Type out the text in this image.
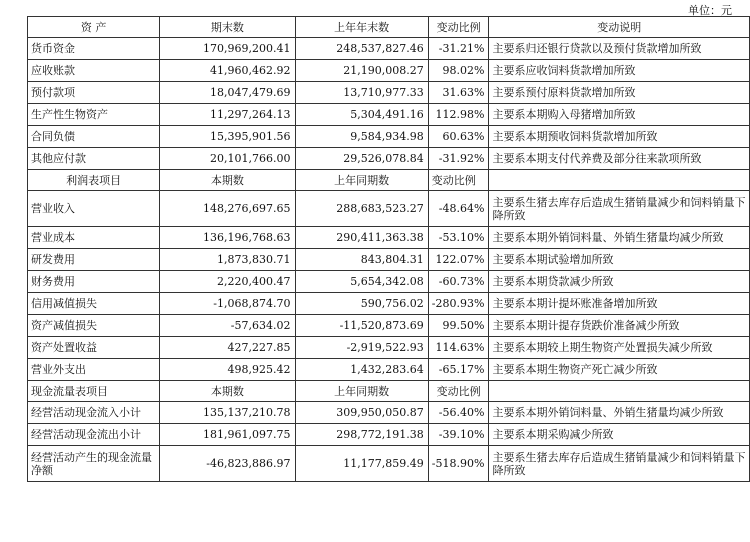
单位：元
资 产	期末数	上年年末数	变动比例	变动说明
货币资金	170,969,200.41	248,537,827.46	-31.21%	主要系归还银行贷款以及预付货款增加所致
应收账款	41,960,462.92	21,190,008.27	98.02%	主要系应收饲料货款增加所致
预付款项	18,047,479.69	13,710,977.33	31.63%	主要系预付原料货款增加所致
生产性生物资产	11,297,264.13	5,304,491.16	112.98%	主要系本期购入母猪增加所致
合同负债	15,395,901.56	9,584,934.98	60.63%	主要系本期预收饲料货款增加所致
其他应付款	20,101,766.00	29,526,078.84	-31.92%	主要系本期支付代养费及部分往来款项所致
利润表项目	本期数	上年同期数	变动比例	
营业收入	148,276,697.65	288,683,523.27	-48.64%	主要系生猪去库存后造成生猪销量减少和饲料销量下降所致
营业成本	136,196,768.63	290,411,363.38	-53.10%	主要系本期外销饲料量、外销生猪量均减少所致
研发费用	1,873,830.71	843,804.31	122.07%	主要系本期试验增加所致
财务费用	2,220,400.47	5,654,342.08	-60.73%	主要系本期贷款减少所致
信用减值损失	-1,068,874.70	590,756.02	-280.93%	主要系本期计提坏账准备增加所致
资产减值损失	-57,634.02	-11,520,873.69	99.50%	主要系本期计提存货跌价准备减少所致
资产处置收益	427,227.85	-2,919,522.93	114.63%	主要系本期较上期生物资产处置损失减少所致
营业外支出	498,925.42	1,432,283.64	-65.17%	主要系本期生物资产死亡减少所致
现金流量表项目	本期数	上年同期数	变动比例	
经营活动现金流入小计	135,137,210.78	309,950,050.87	-56.40%	主要系本期外销饲料量、外销生猪量均减少所致
经营活动现金流出小计	181,961,097.75	298,772,191.38	-39.10%	主要系本期采购减少所致
经营活动产生的现金流量净额	-46,823,886.97	11,177,859.49	-518.90%	主要系生猪去库存后造成生猪销量减少和饲料销量下降所致
